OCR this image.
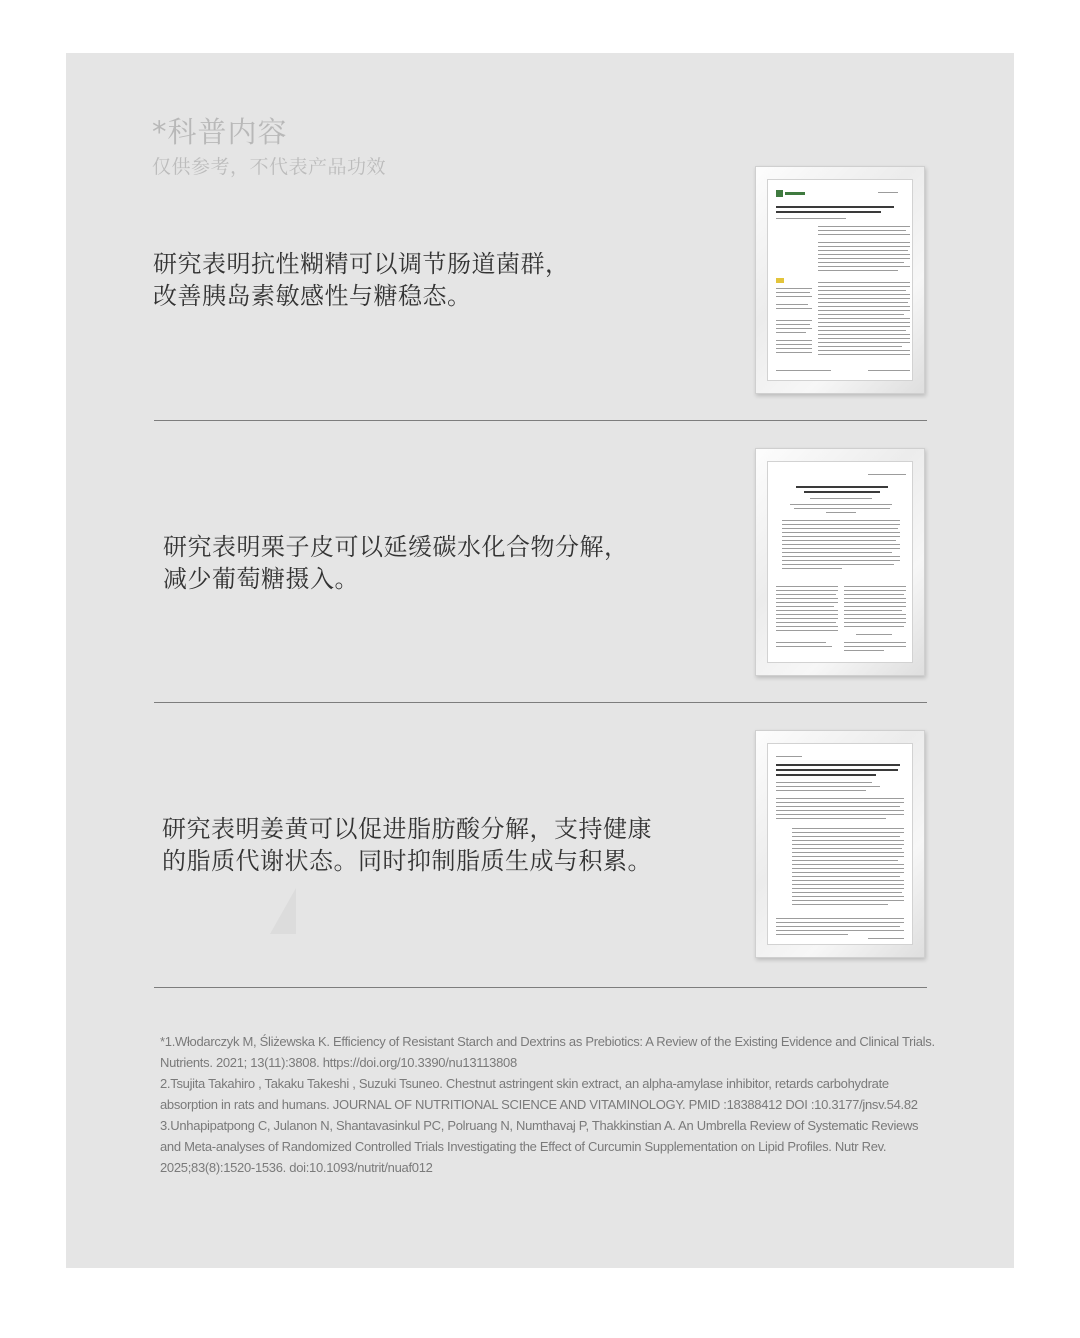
*科普内容
仅供参考，不代表产品功效
研究表明抗性糊精可以调节肠道菌群，
改善胰岛素敏感性与糖稳态。
研究表明栗子皮可以延缓碳水化合物分解，
减少葡萄糖摄入。
研究表明姜黄可以促进脂肪酸分解，支持健康
的脂质代谢状态。同时抑制脂质生成与积累。
*1.Włodarczyk M, Śliżewska K. Efficiency of Resistant Starch and Dextrins as Prebiotics: A Review of the Existing Evidence and Clinical Trials.
Nutrients. 2021; 13(11):3808. https://doi.org/10.3390/nu13113808
2.Tsujita Takahiro , Takaku Takeshi , Suzuki Tsuneo. Chestnut astringent skin extract, an alpha-amylase inhibitor, retards carbohydrate
absorption in rats and humans. JOURNAL OF NUTRITIONAL SCIENCE AND VITAMINOLOGY. PMID :18388412 DOI :10.3177/jnsv.54.82
3.Unhapipatpong C, Julanon N, Shantavasinkul PC, Polruang N, Numthavaj P, Thakkinstian A. An Umbrella Review of Systematic Reviews
and Meta-analyses of Randomized Controlled Trials Investigating the Effect of Curcumin Supplementation on Lipid Profiles. Nutr Rev.
2025;83(8):1520-1536. doi:10.1093/nutrit/nuaf012
